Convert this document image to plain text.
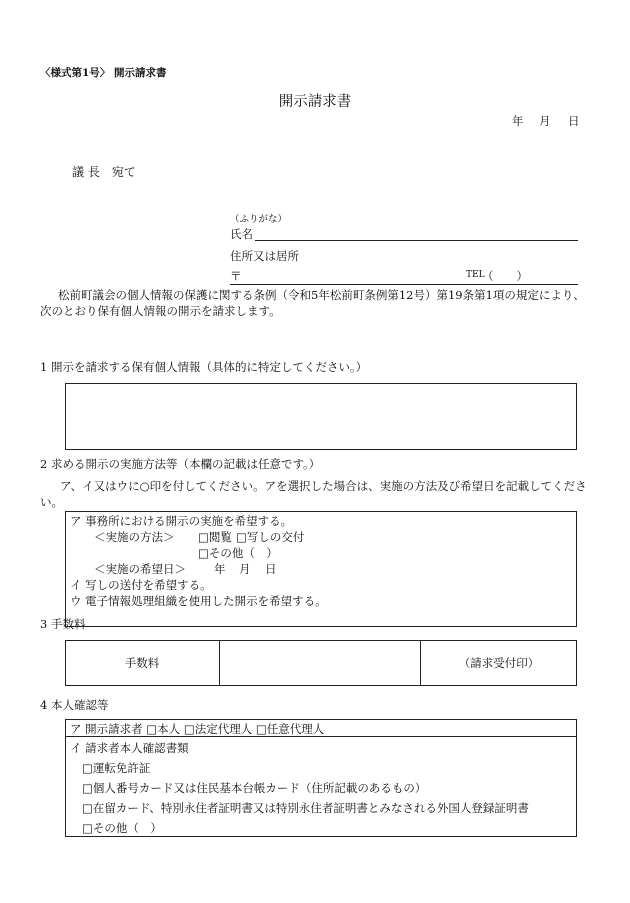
〈様式第1号〉 開示請求書
開示請求書
年 月 日
議 長　宛て
（ふりがな）
氏名
住所又は居所
〒	TEL
（　　）
松前町議会の個人情報の保護に関する条例（令和5年松前町条例第12号）第19条第1項の規定により、
次のとおり保有個人情報の開示を請求します。
1 開示を請求する保有個人情報（具体的に特定してください。）
2 求める開示の実施方法等（本欄の記載は任意です。）
ア、イ又はウに○印を付してください。アを選択した場合は、実施の方法及び希望日を記載してくださ
い。
ア 事務所における開示の実施を希望する。
＜実施の方法＞ □閲覧 □写しの交付
□その他（　）
＜実施の希望日＞ 年 月 日
イ 写しの送付を希望する。
ウ 電子情報処理組織を使用した開示を希望する。
3 手数料
手数料	（請求受付印）
4 本人確認等
ア 開示請求者 □本人 □法定代理人 □任意代理人
イ 請求者本人確認書類
□運転免許証
□個人番号カード又は住民基本台帳カード（住所記載のあるもの）
□在留カード、特別永住者証明書又は特別永住者証明書とみなされる外国人登録証明書
□その他（　）
